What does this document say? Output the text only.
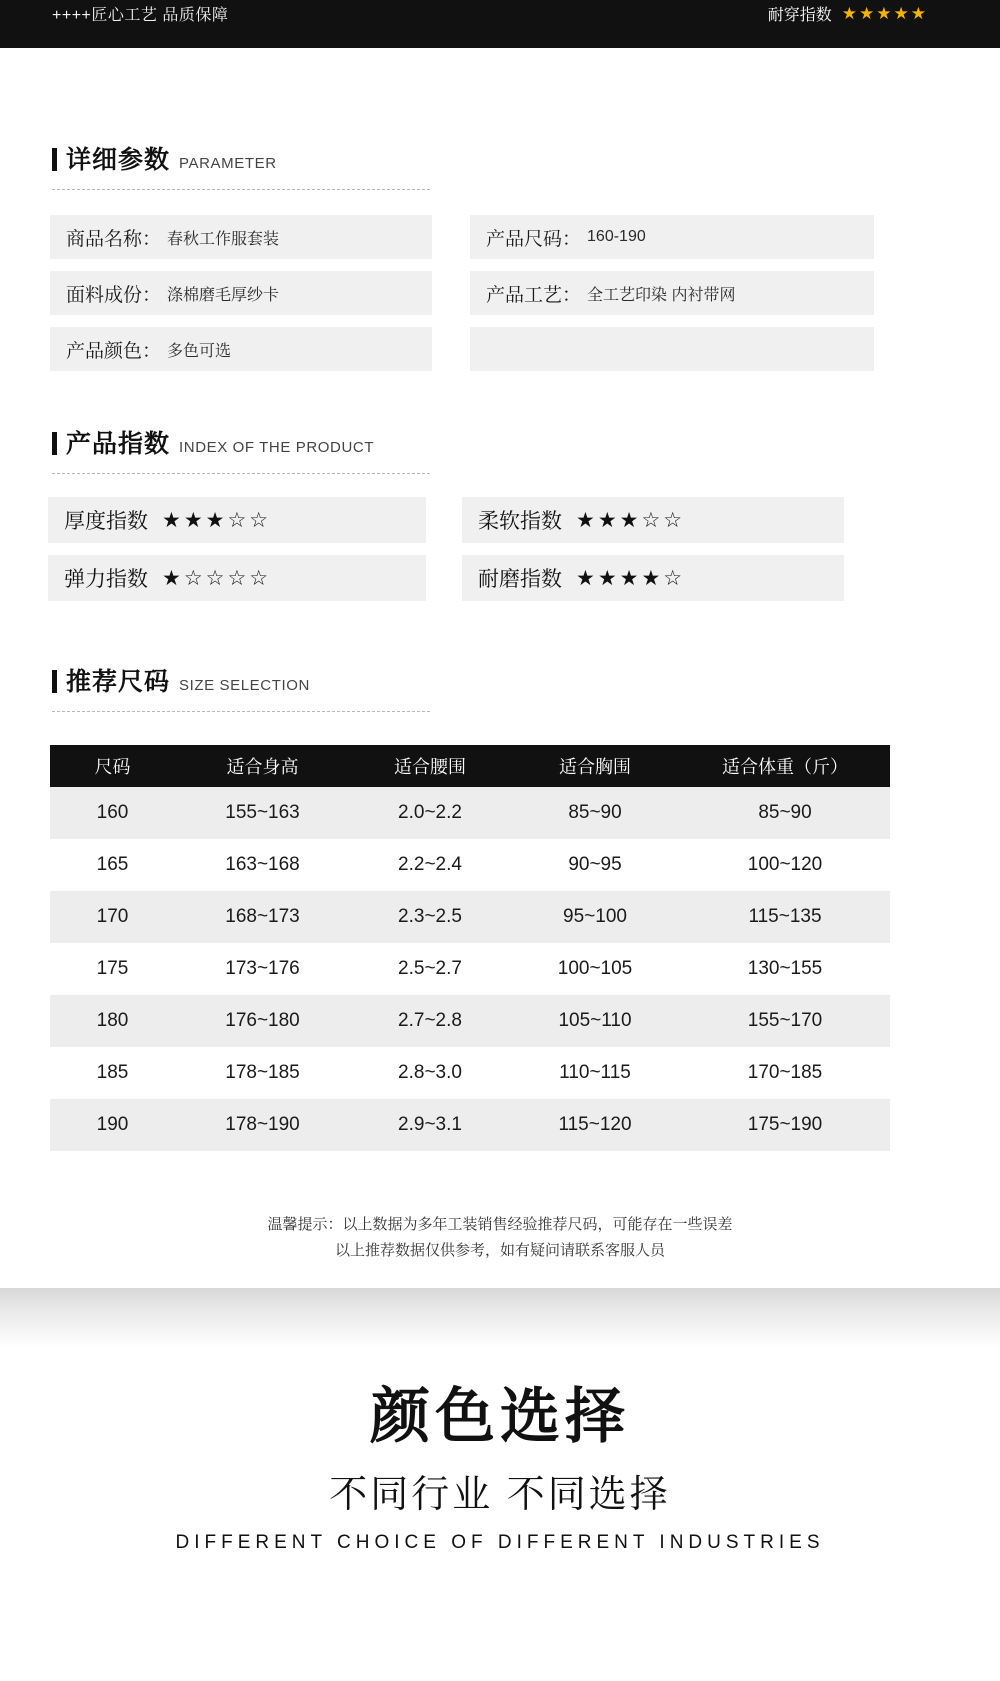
++++匠心工艺 品质保障	耐穿指数 ★★★★★
详细参数 PARAMETER
商品名称： 春秋工作服套装	产品尺码： 160-190
面料成份： 涤棉磨毛厚纱卡	产品工艺： 全工艺印染 内衬带网
产品颜色： 多色可选
产品指数 INDEX OF THE PRODUCT
厚度指数 ★★★☆☆	柔软指数 ★★★☆☆
弹力指数 ★☆☆☆☆	耐磨指数 ★★★★☆
推荐尺码 SIZE SELECTION
尺码	适合身高	适合腰围	适合胸围	适合体重（斤）
160	155~163	2.0~2.2	85~90	85~90
165	163~168	2.2~2.4	90~95	100~120
170	168~173	2.3~2.5	95~100	115~135
175	173~176	2.5~2.7	100~105	130~155
180	176~180	2.7~2.8	105~110	155~170
185	178~185	2.8~3.0	110~115	170~185
190	178~190	2.9~3.1	115~120	175~190
温馨提示：以上数据为多年工装销售经验推荐尺码，可能存在一些误差
以上推荐数据仅供参考，如有疑问请联系客服人员
颜色选择
不同行业 不同选择
DIFFERENT CHOICE OF DIFFERENT INDUSTRIES
